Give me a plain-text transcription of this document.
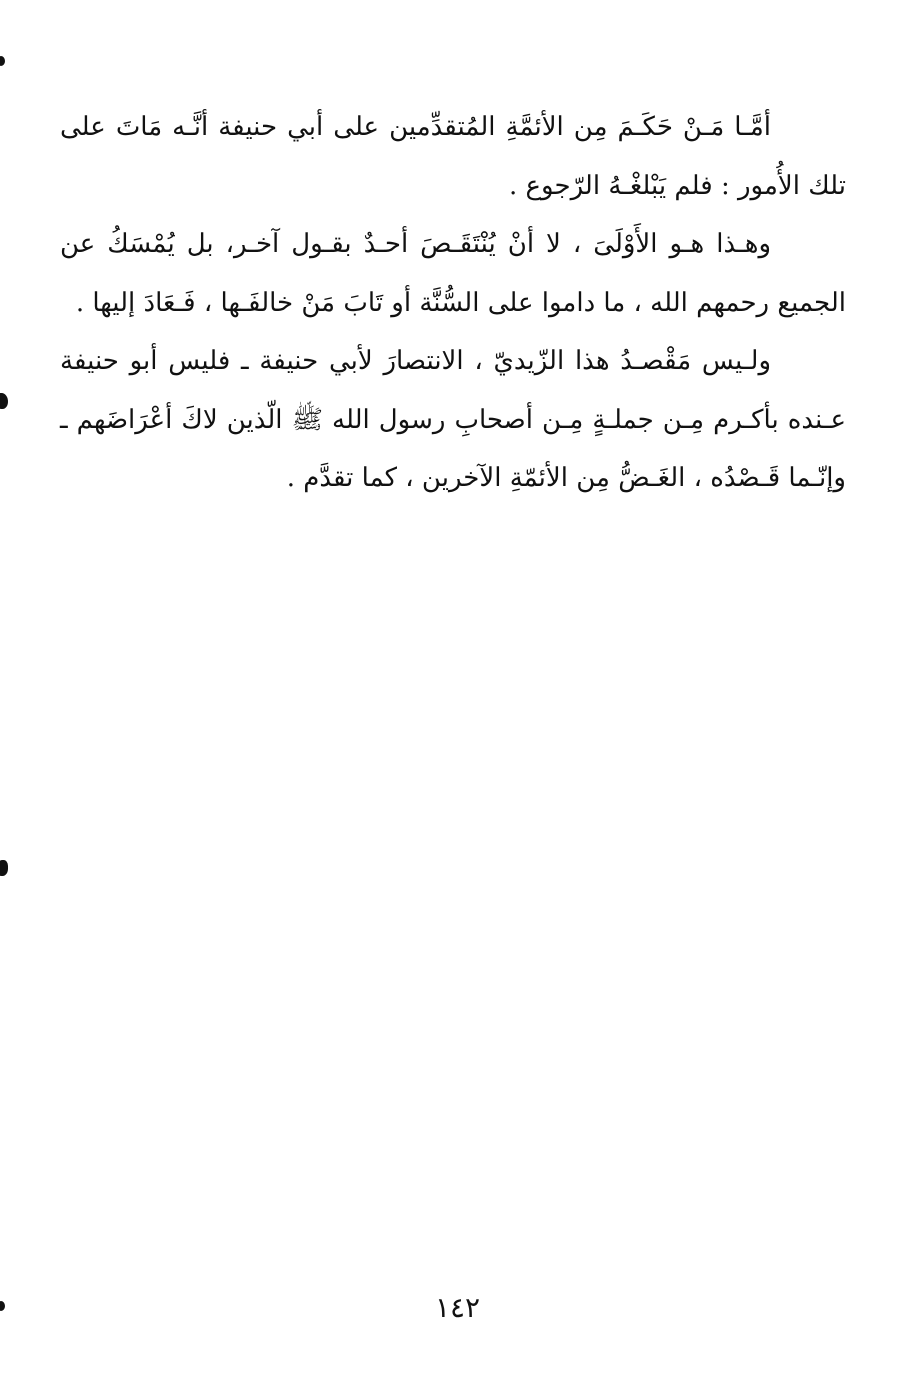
أمَّـا مَـنْ حَكَـمَ مِن الأئمَّةِ المُتقدِّمين على أبي حنيفة أنَّـه مَاتَ على تلك الأُمور : فلم يَبْلغْـهُ الرّجوع .

وهـذا هـو الأَوْلَىَ ، لا أنْ يُنْتَقَـصَ أحـدٌ بقـول آخـر، بل يُمْسَكُ عن الجميع رحمهم الله ، ما داموا على السُّنَّة أو تَابَ مَنْ خالفَـها ، فَـعَادَ إليها .

ولـيس مَقْصـدُ هذا الزّيديّ ، الانتصارَ لأبي حنيفة ـ فليس أبو حنيفة عـنده بأكـرم مِـن جملـةٍ مِـن أصحابِ رسول الله ﷺ الّذين لاكَ أعْرَاضَهم ـ وإنّـما قَـصْدُه ، الغَـضُّ مِن الأئمّةِ الآخرين ، كما تقدَّم .

١٤٢
